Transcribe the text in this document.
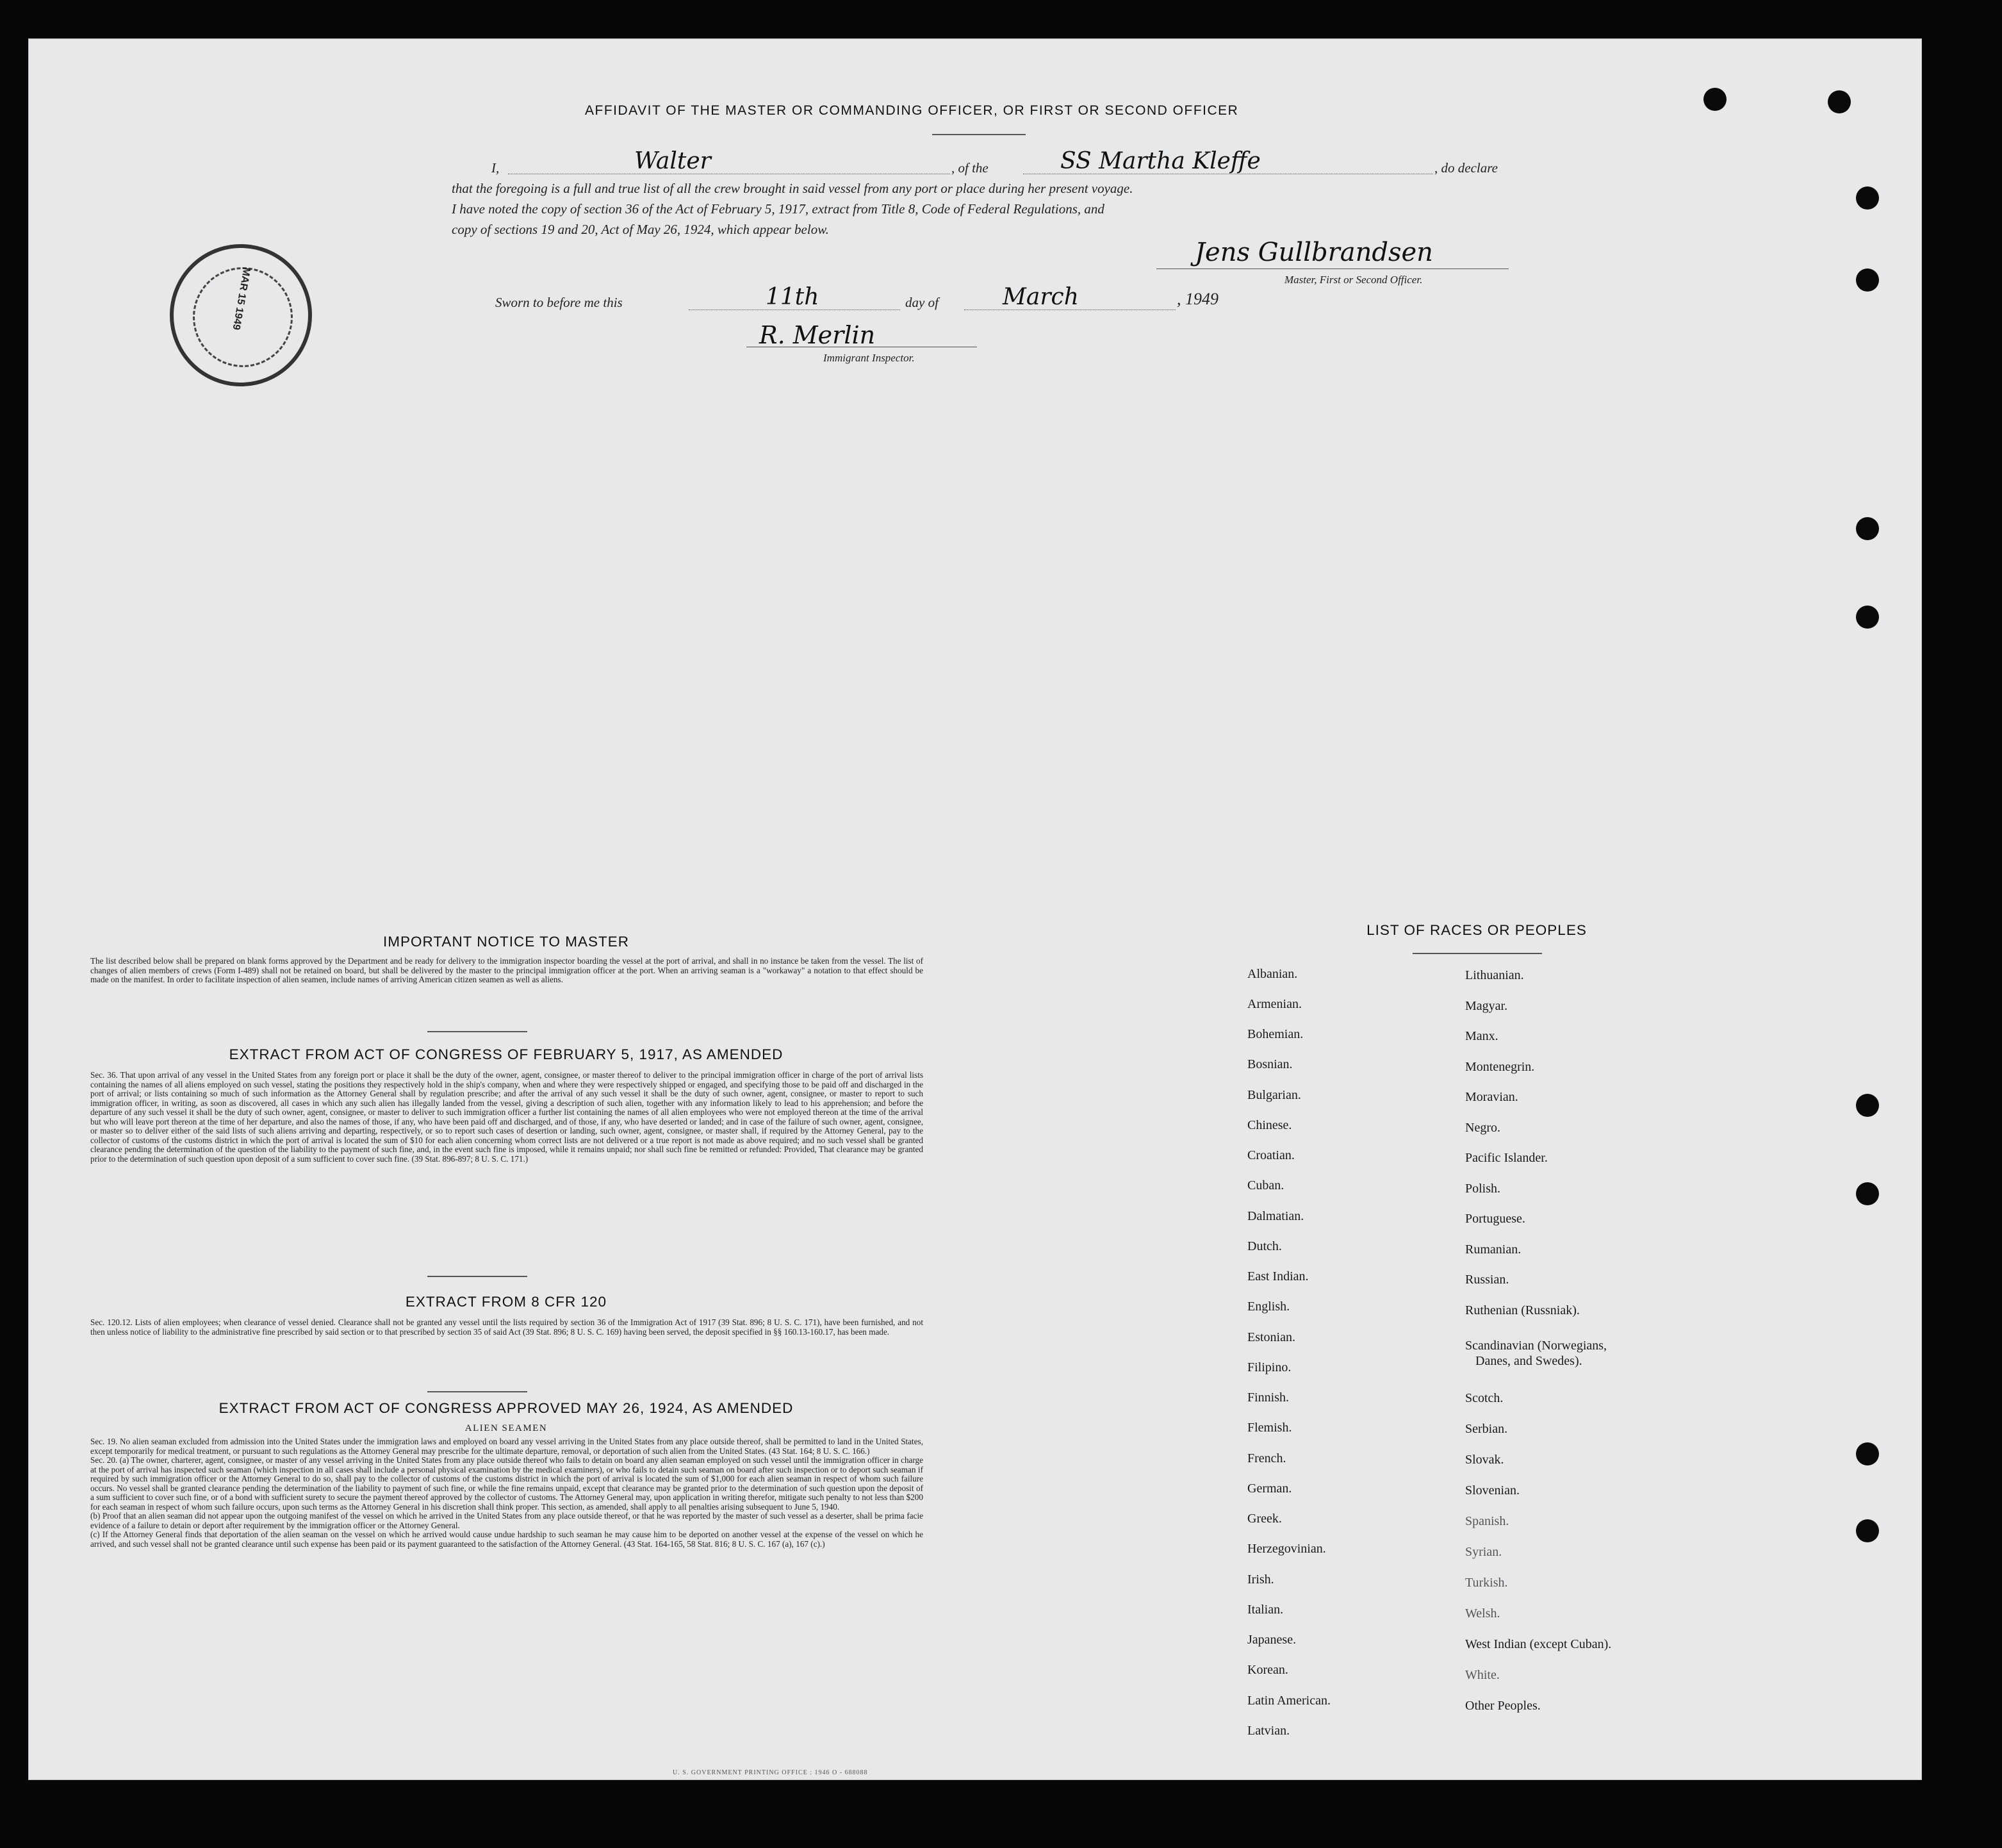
AFFIDAVIT OF THE MASTER OR COMMANDING OFFICER, OR FIRST OR SECOND OFFICER
I,	Walter	, of the	SS Martha Kleffe	, do declare
that the foregoing is a full and true list of all the crew brought in said vessel from any port or place during her present voyage.
I have noted the copy of section 36 of the Act of February 5, 1917, extract from Title 8, Code of Federal Regulations, and
copy of sections 19 and 20, Act of May 26, 1924, which appear below.
Jens Gullbrandsen
Master, First or Second Officer.
Sworn to before me this	11th	day of	March	, 1949
R. Merlin
Immigrant Inspector.
MAR 15 1949
IMPORTANT NOTICE TO MASTER
The list described below shall be prepared on blank forms approved by the Department and be ready for delivery to the immigration inspector boarding the vessel at the port of arrival, and shall in no instance be taken from the vessel. The list of changes of alien members of crews (Form I-489) shall not be retained on board, but shall be delivered by the master to the principal immigration officer at the port. When an arriving seaman is a "workaway" a notation to that effect should be made on the manifest. In order to facilitate inspection of alien seamen, include names of arriving American citizen seamen as well as aliens.
EXTRACT FROM ACT OF CONGRESS OF FEBRUARY 5, 1917, AS AMENDED
Sec. 36. That upon arrival of any vessel in the United States from any foreign port or place it shall be the duty of the owner, agent, consignee, or master thereof to deliver to the principal immigration officer in charge of the port of arrival lists containing the names of all aliens employed on such vessel, stating the positions they respectively hold in the ship's company, when and where they were respectively shipped or engaged, and specifying those to be paid off and discharged in the port of arrival; or lists containing so much of such information as the Attorney General shall by regulation prescribe; and after the arrival of any such vessel it shall be the duty of such owner, agent, consignee, or master to report to such immigration officer, in writing, as soon as discovered, all cases in which any such alien has illegally landed from the vessel, giving a description of such alien, together with any information likely to lead to his apprehension; and before the departure of any such vessel it shall be the duty of such owner, agent, consignee, or master to deliver to such immigration officer a further list containing the names of all alien employees who were not employed thereon at the time of the arrival but who will leave port thereon at the time of her departure, and also the names of those, if any, who have been paid off and discharged, and of those, if any, who have deserted or landed; and in case of the failure of such owner, agent, consignee, or master so to deliver either of the said lists of such aliens arriving and departing, respectively, or so to report such cases of desertion or landing, such owner, agent, consignee, or master shall, if required by the Attorney General, pay to the collector of customs of the customs district in which the port of arrival is located the sum of $10 for each alien concerning whom correct lists are not delivered or a true report is not made as above required; and no such vessel shall be granted clearance pending the determination of the question of the liability to the payment of such fine, and, in the event such fine is imposed, while it remains unpaid; nor shall such fine be remitted or refunded: Provided, That clearance may be granted prior to the determination of such question upon deposit of a sum sufficient to cover such fine. (39 Stat. 896-897; 8 U. S. C. 171.)
EXTRACT FROM 8 CFR 120
Sec. 120.12. Lists of alien employees; when clearance of vessel denied. Clearance shall not be granted any vessel until the lists required by section 36 of the Immigration Act of 1917 (39 Stat. 896; 8 U. S. C. 171), have been furnished, and not then unless notice of liability to the administrative fine prescribed by said section or to that prescribed by section 35 of said Act (39 Stat. 896; 8 U. S. C. 169) having been served, the deposit specified in §§ 160.13-160.17, has been made.
EXTRACT FROM ACT OF CONGRESS APPROVED MAY 26, 1924, AS AMENDED
ALIEN SEAMEN
Sec. 19. No alien seaman excluded from admission into the United States under the immigration laws and employed on board any vessel arriving in the United States from any place outside thereof, shall be permitted to land in the United States, except temporarily for medical treatment, or pursuant to such regulations as the Attorney General may prescribe for the ultimate departure, removal, or deportation of such alien from the United States. (43 Stat. 164; 8 U. S. C. 166.)
Sec. 20. (a) The owner, charterer, agent, consignee, or master of any vessel arriving in the United States from any place outside thereof who fails to detain on board any alien seaman employed on such vessel until the immigration officer in charge at the port of arrival has inspected such seaman (which inspection in all cases shall include a personal physical examination by the medical examiners), or who fails to detain such seaman on board after such inspection or to deport such seaman if required by such immigration officer or the Attorney General to do so, shall pay to the collector of customs of the customs district in which the port of arrival is located the sum of $1,000 for each alien seaman in respect of whom such failure occurs. No vessel shall be granted clearance pending the determination of the liability to payment of such fine, or while the fine remains unpaid, except that clearance may be granted prior to the determination of such question upon the deposit of a sum sufficient to cover such fine, or of a bond with sufficient surety to secure the payment thereof approved by the collector of customs. The Attorney General may, upon application in writing therefor, mitigate such penalty to not less than $200 for each seaman in respect of whom such failure occurs, upon such terms as the Attorney General in his discretion shall think proper. This section, as amended, shall apply to all penalties arising subsequent to June 5, 1940.
(b) Proof that an alien seaman did not appear upon the outgoing manifest of the vessel on which he arrived in the United States from any place outside thereof, or that he was reported by the master of such vessel as a deserter, shall be prima facie evidence of a failure to detain or deport after requirement by the immigration officer or the Attorney General.
(c) If the Attorney General finds that deportation of the alien seaman on the vessel on which he arrived would cause undue hardship to such seaman he may cause him to be deported on another vessel at the expense of the vessel on which he arrived, and such vessel shall not be granted clearance until such expense has been paid or its payment guaranteed to the satisfaction of the Attorney General. (43 Stat. 164-165, 58 Stat. 816; 8 U. S. C. 167 (a), 167 (c).)
U. S. GOVERNMENT PRINTING OFFICE : 1946 O - 688088
LIST OF RACES OR PEOPLES
Albanian.
Armenian.
Bohemian.
Bosnian.
Bulgarian.
Chinese.
Croatian.
Cuban.
Dalmatian.
Dutch.
East Indian.
English.
Estonian.
Filipino.
Finnish.
Flemish.
French.
German.
Greek.
Herzegovinian.
Irish.
Italian.
Japanese.
Korean.
Latin American.
Latvian.
Lithuanian.
Magyar.
Manx.
Montenegrin.
Moravian.
Negro.
Pacific Islander.
Polish.
Portuguese.
Rumanian.
Russian.
Ruthenian (Russniak).
Scandinavian (Norwegians,
Danes, and Swedes).
Scotch.
Serbian.
Slovak.
Slovenian.
Spanish.
Syrian.
Turkish.
Welsh.
West Indian (except Cuban).
White.
Other Peoples.
